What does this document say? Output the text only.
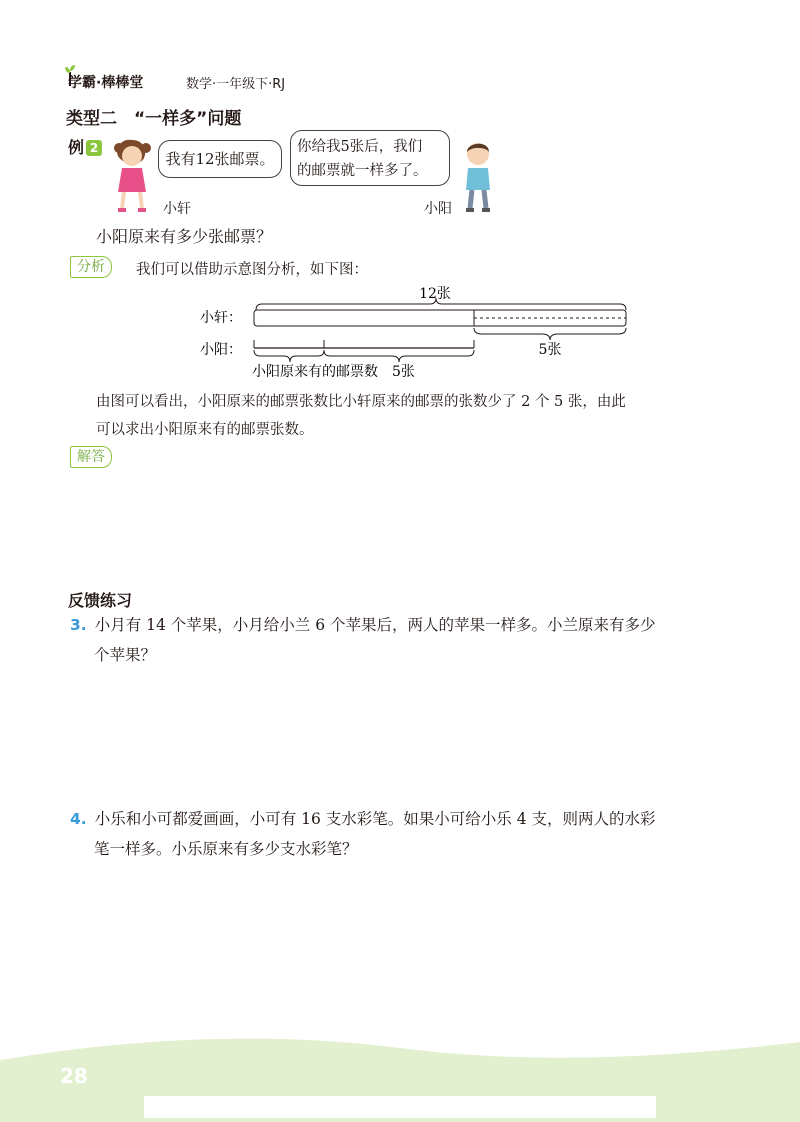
学霸·棒棒堂	数学·一年级下·RJ
类型二　“一样多”问题
例 2
我有12张邮票。
你给我5张后，我们
的邮票就一样多了。
小轩	小阳
小阳原来有多少张邮票？
分析	我们可以借助示意图分析，如下图：
12张
小轩：
小阳：	5张
小阳原来有的邮票数　5张
由图可以看出，小阳原来的邮票张数比小轩原来的邮票的张数少了 2 个 5 张，由此
可以求出小阳原来有的邮票张数。
解答
反馈练习
3. 小月有 14 个苹果，小月给小兰 6 个苹果后，两人的苹果一样多。小兰原来有多少
个苹果？
4. 小乐和小可都爱画画，小可有 16 支水彩笔。如果小可给小乐 4 支，则两人的水彩
笔一样多。小乐原来有多少支水彩笔？
28
